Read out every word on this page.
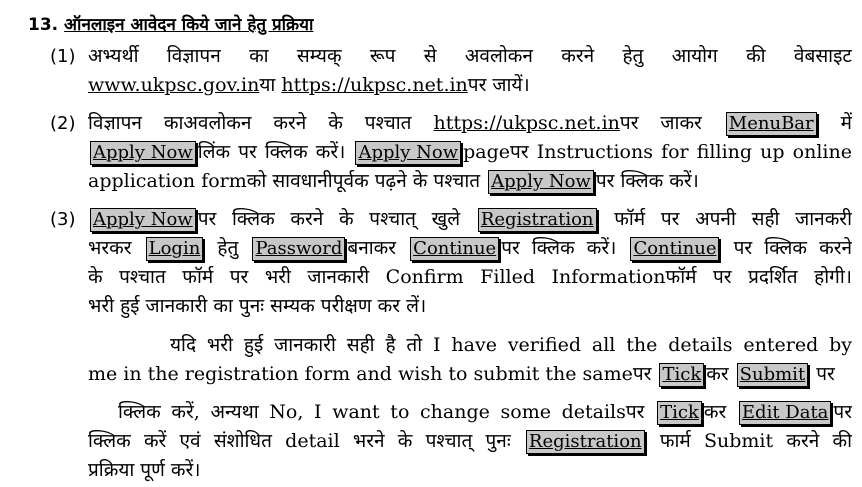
13. ऑनलाइन आवेदन किये जाने हेतु प्रक्रिया
(1) अभ्यर्थी विज्ञापन का सम्यक् रूप से अवलोकन करने हेतु आयोग की वेबसाइट
www.ukpsc.gov.inया https://ukpsc.net.inपर जायें।
(2) विज्ञापन काअवलोकन करने के पश्चात https://ukpsc.net.inपर जाकर MenuBar में
Apply Now लिंक पर क्लिक करें। Apply Now pageपर Instructions for filling up online
application formको सावधानीपूर्वक पढ़ने के पश्चात Apply Now पर क्लिक करें।
(3) Apply Now पर क्लिक करने के पश्चात् खुले Registration फॉर्म पर अपनी सही जानकरी
भरकर Login हेतु Password बनाकर Continue पर क्लिक करें। Continue पर क्लिक करने
के पश्चात फॉर्म पर भरी जानकारी Confirm Filled Informationफॉर्म पर प्रदर्शित होगी।
भरी हुई जानकारी का पुनः सम्यक परीक्षण कर लें।
यदि भरी हुई जानकारी सही है तो I have verified all the details entered by
me in the registration form and wish to submit the sameपर Tick कर Submit पर
क्लिक करें, अन्यथा No, I want to change some detailsपर Tick कर Edit Data पर
क्लिक करें एवं संशोधित detail भरने के पश्चात् पुनः Registration फार्म Submit करने की
प्रक्रिया पूर्ण करें।
